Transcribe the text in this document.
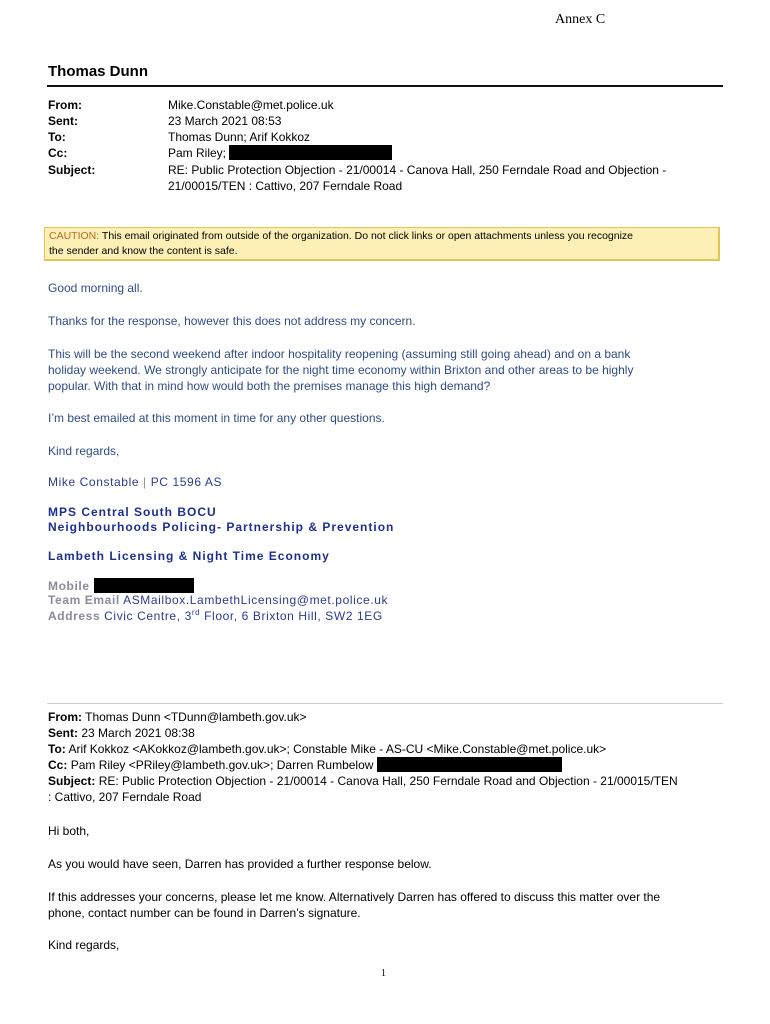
Annex C
Thomas Dunn
From:	Mike.Constable@met.police.uk
Sent:	23 March 2021 08:53
To:	Thomas Dunn; Arif Kokkoz
Cc:	Pam Riley;
Subject:	RE: Public Protection Objection - 21/00014 - Canova Hall, 250 Ferndale Road and Objection -
21/00015/TEN : Cattivo, 207 Ferndale Road
CAUTION: This email originated from outside of the organization. Do not click links or open attachments unless you recognize
the sender and know the content is safe.
Good morning all.
Thanks for the response, however this does not address my concern.
This will be the second weekend after indoor hospitality reopening (assuming still going ahead) and on a bank
holiday weekend. We strongly anticipate for the night time economy within Brixton and other areas to be highly
popular. With that in mind how would both the premises manage this high demand?
I’m best emailed at this moment in time for any other questions.
Kind regards,
Mike Constable | PC 1596 AS
MPS Central South BOCU
Neighbourhoods Policing- Partnership & Prevention
Lambeth Licensing & Night Time Economy
Mobile
Team Email ASMailbox.LambethLicensing@met.police.uk
Address Civic Centre, 3rd Floor, 6 Brixton Hill, SW2 1EG
From: Thomas Dunn <TDunn@lambeth.gov.uk>
Sent: 23 March 2021 08:38
To: Arif Kokkoz <AKokkoz@lambeth.gov.uk>; Constable Mike - AS-CU <Mike.Constable@met.police.uk>
Cc: Pam Riley <PRiley@lambeth.gov.uk>; Darren Rumbelow
Subject: RE: Public Protection Objection - 21/00014 - Canova Hall, 250 Ferndale Road and Objection - 21/00015/TEN
: Cattivo, 207 Ferndale Road
Hi both,
As you would have seen, Darren has provided a further response below.
If this addresses your concerns, please let me know. Alternatively Darren has offered to discuss this matter over the
phone, contact number can be found in Darren’s signature.
Kind regards,
1
